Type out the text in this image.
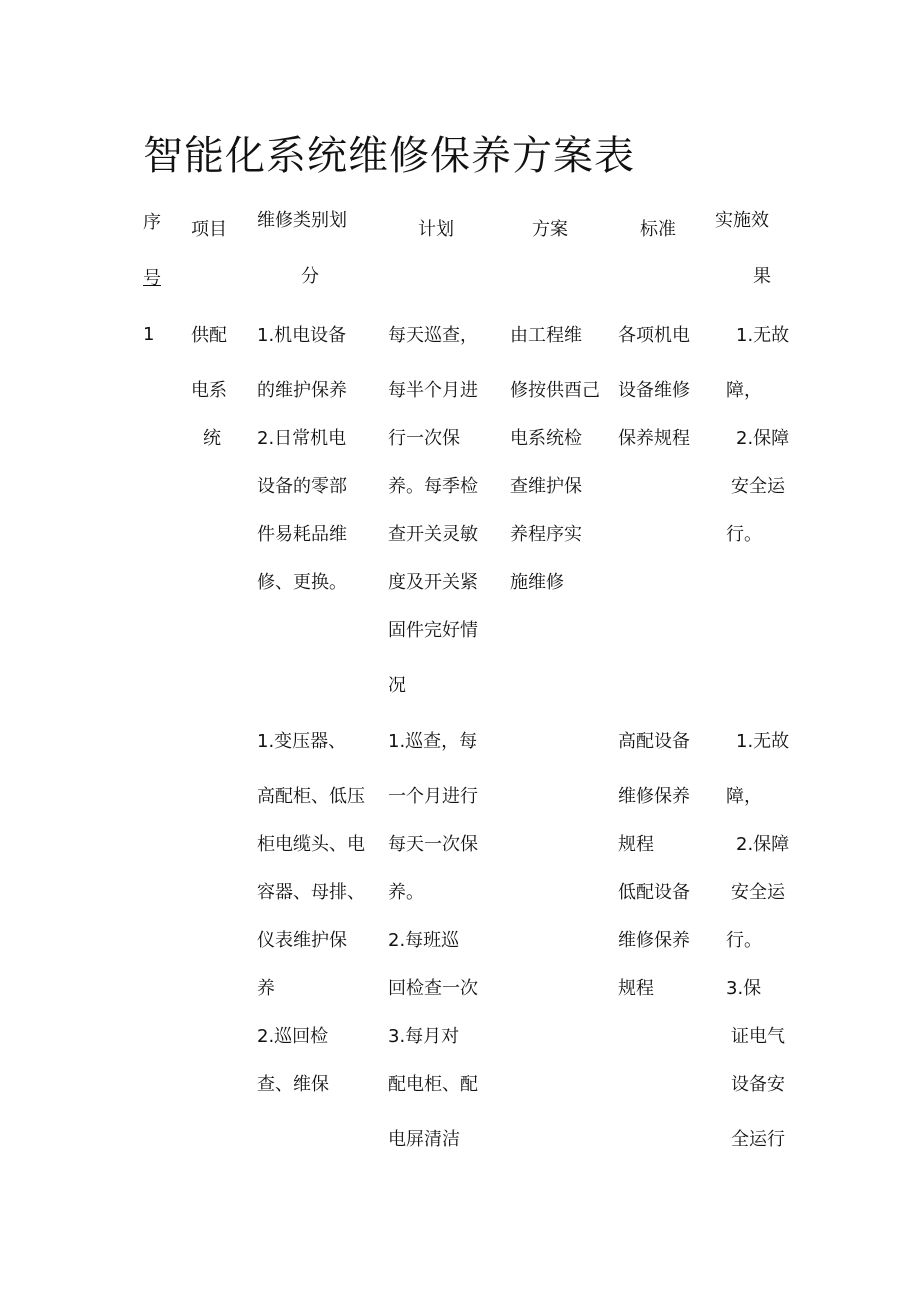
智能化系统维修保养方案表
序
号
项目 维修类别划
分
计划	方案	标准 实施效
果
1 供配
电系
统
1.机电设备
的维护保养
2.日常机电
设备的零部
件易耗品维
修、更换。
每天巡查，
每半个月进
行一次保
养。每季检
查开关灵敏
度及开关紧
固件完好情
况
由工程维
修按供酉己
电系统检
查维护保
养程序实
施维修
各项机电
设备维修
保养规程
1.无故
障，
2.保障
安全运
行。
1.变压器、
高配柜、低压
柜电缆头、电
容器、母排、
仪表维护保
养
2.巡回检
查、维保
1.巡查，每
一个月进行
每天一次保
养。
2.每班巡
回检查一次
3.每月对
配电柜、配
电屏清洁
高配设备
维修保养
规程
低配设备
维修保养
规程
1.无故
障，
2.保障
安全运
行。
3.保
证电气
设备安
全运行
